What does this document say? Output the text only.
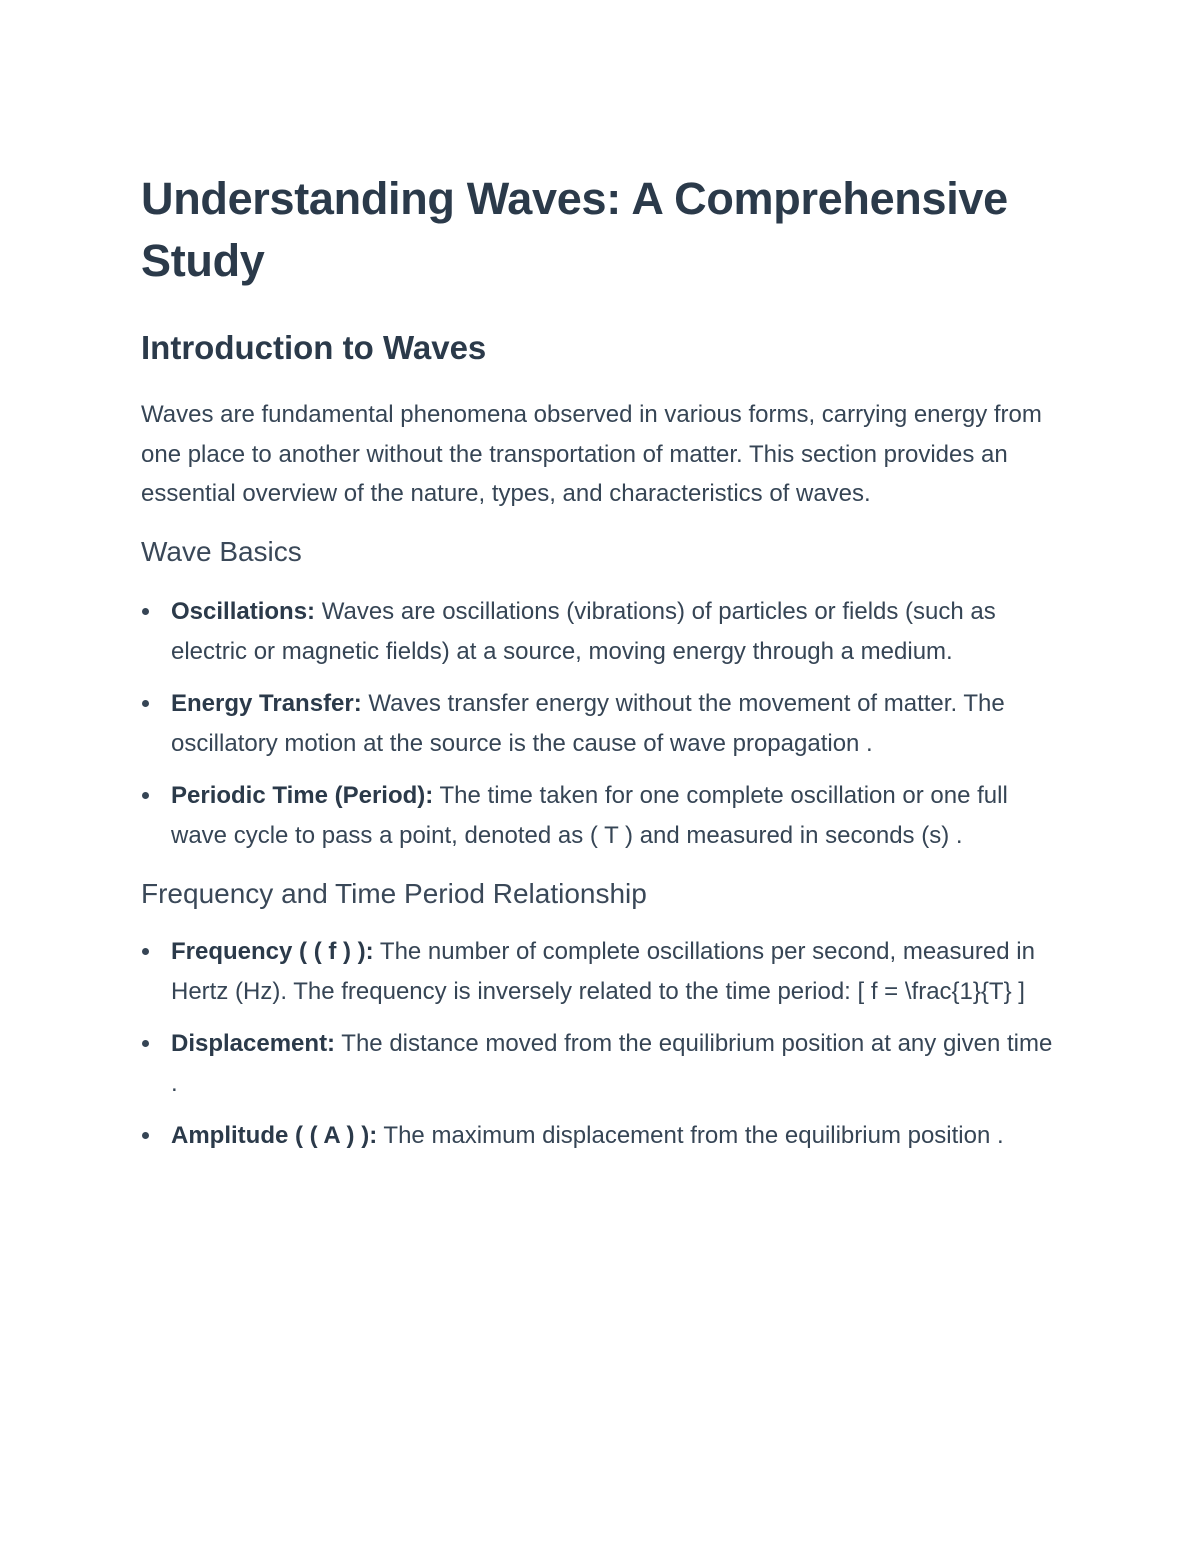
Understanding Waves: A Comprehensive Study
Introduction to Waves

Waves are fundamental phenomena observed in various forms, carrying energy from one place to another without the transportation of matter. This section provides an essential overview of the nature, types, and characteristics of waves.

Wave Basics
Oscillations: Waves are oscillations (vibrations) of particles or fields (such as electric or magnetic fields) at a source, moving energy through a medium.
Energy Transfer: Waves transfer energy without the movement of matter. The oscillatory motion at the source is the cause of wave propagation .
Periodic Time (Period): The time taken for one complete oscillation or one full wave cycle to pass a point, denoted as ( T ) and measured in seconds (s) .
Frequency and Time Period Relationship
Frequency ( ( f ) ): The number of complete oscillations per second, measured in Hertz (Hz). The frequency is inversely related to the time period: [ f = \frac{1}{T} ]
Displacement: The distance moved from the equilibrium position at any given time .
Amplitude ( ( A ) ): The maximum displacement from the equilibrium position .
